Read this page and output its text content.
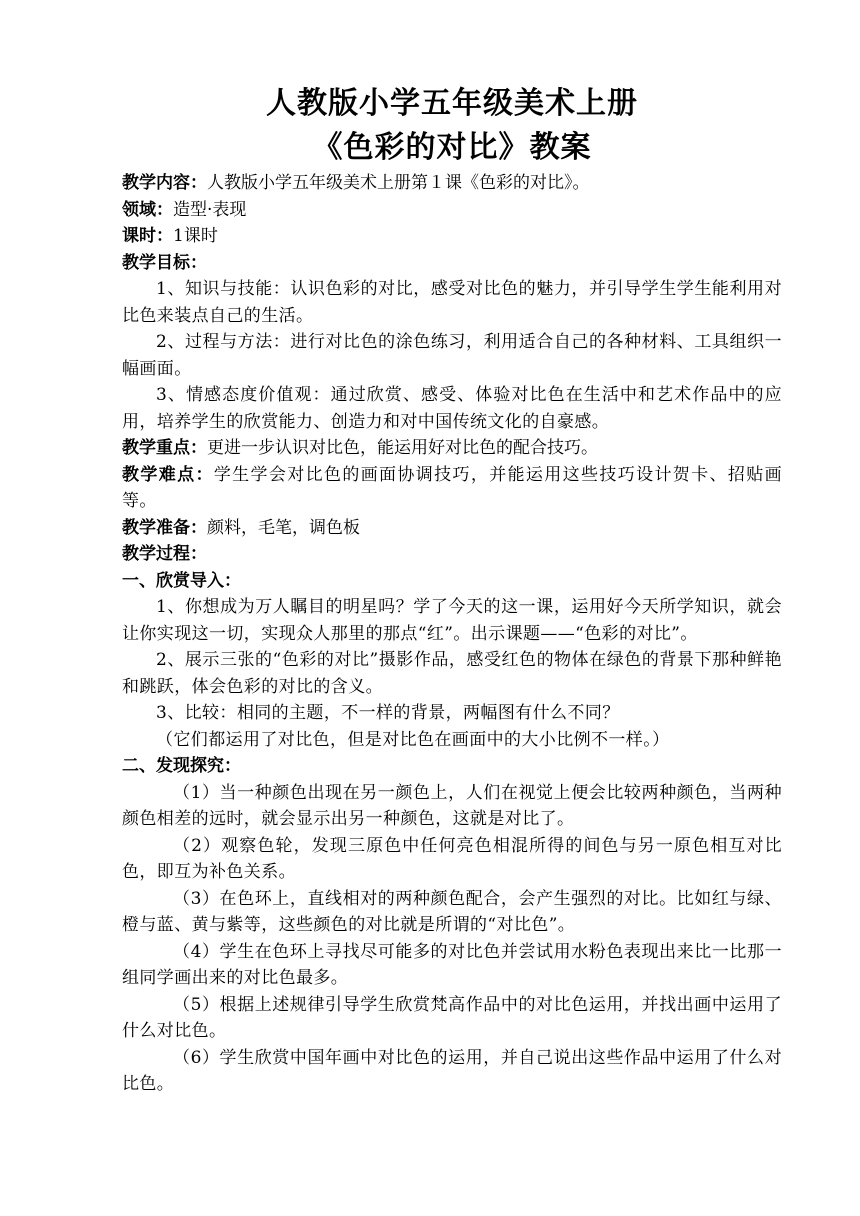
人教版小学五年级美术上册
《色彩的对比》教案
教学内容：人教版小学五年级美术上册第１课《色彩的对比》。
领域：造型·表现
课时：1课时
教学目标：
1、知识与技能：认识色彩的对比，感受对比色的魅力，并引导学生学生能利用对比色来装点自己的生活。
2、过程与方法：进行对比色的涂色练习，利用适合自己的各种材料、工具组织一幅画面。
3、情感态度价值观：通过欣赏、感受、体验对比色在生活中和艺术作品中的应用，培养学生的欣赏能力、创造力和对中国传统文化的自豪感。
教学重点：更进一步认识对比色，能运用好对比色的配合技巧。
教学难点：学生学会对比色的画面协调技巧，并能运用这些技巧设计贺卡、招贴画等。
教学准备：颜料，毛笔，调色板
教学过程：
一、欣赏导入：
1、你想成为万人瞩目的明星吗？学了今天的这一课，运用好今天所学知识，就会让你实现这一切，实现众人那里的那点“红”。出示课题——“色彩的对比”。
2、展示三张的“色彩的对比”摄影作品，感受红色的物体在绿色的背景下那种鲜艳和跳跃，体会色彩的对比的含义。
3、比较：相同的主题，不一样的背景，两幅图有什么不同？
（它们都运用了对比色，但是对比色在画面中的大小比例不一样。）
二、发现探究：
（1）当一种颜色出现在另一颜色上，人们在视觉上便会比较两种颜色，当两种颜色相差的远时，就会显示出另一种颜色，这就是对比了。
（2）观察色轮，发现三原色中任何亮色相混所得的间色与另一原色相互对比色，即互为补色关系。
（3）在色环上，直线相对的两种颜色配合，会产生强烈的对比。比如红与绿、橙与蓝、黄与紫等，这些颜色的对比就是所谓的“对比色”。
（4）学生在色环上寻找尽可能多的对比色并尝试用水粉色表现出来比一比那一组同学画出来的对比色最多。
（5）根据上述规律引导学生欣赏梵高作品中的对比色运用，并找出画中运用了什么对比色。
（6）学生欣赏中国年画中对比色的运用，并自己说出这些作品中运用了什么对比色。
